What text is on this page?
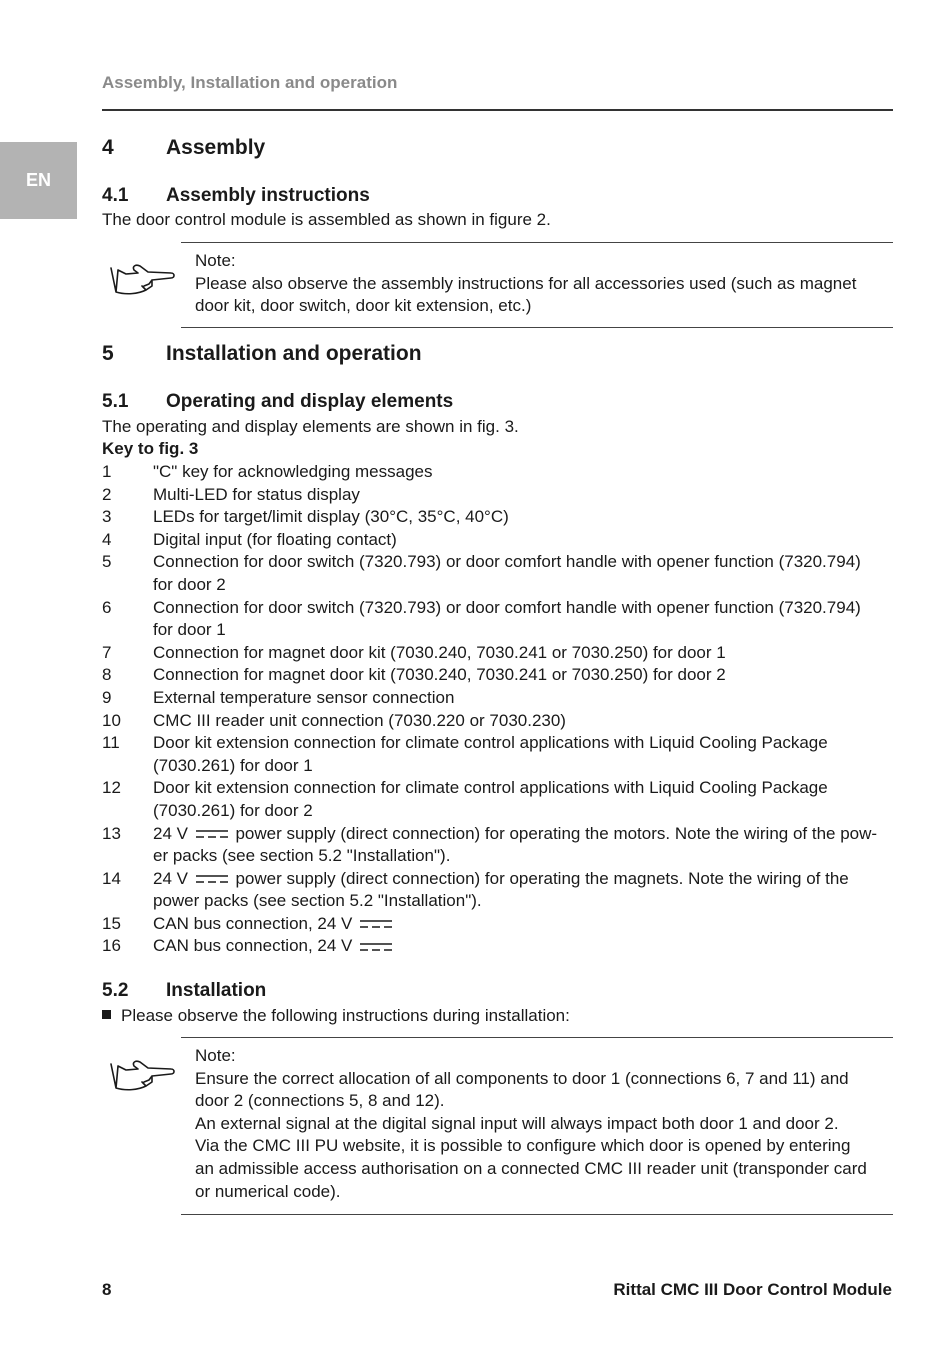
Assembly, Installation and operation
EN
4 Assembly
4.1 Assembly instructions
The door control module is assembled as shown in figure 2.
Note:
Please also observe the assembly instructions for all accessories used (such as magnet
door kit, door switch, door kit extension, etc.)
5 Installation and operation
5.1 Operating and display elements
The operating and display elements are shown in fig. 3.
Key to fig. 3
1	"C" key for acknowledging messages
2	Multi-LED for status display
3	LEDs for target/limit display (30°C, 35°C, 40°C)
4	Digital input (for floating contact)
5	Connection for door switch (7320.793) or door comfort handle with opener function (7320.794)
for door 2
6	Connection for door switch (7320.793) or door comfort handle with opener function (7320.794)
for door 1
7	Connection for magnet door kit (7030.240, 7030.241 or 7030.250) for door 1
8	Connection for magnet door kit (7030.240, 7030.241 or 7030.250) for door 2
9	External temperature sensor connection
10	CMC III reader unit connection (7030.220 or 7030.230)
11	Door kit extension connection for climate control applications with Liquid Cooling Package
(7030.261) for door 1
12	Door kit extension connection for climate control applications with Liquid Cooling Package
(7030.261) for door 2
13	24 V	power supply (direct connection) for operating the motors. Note the wiring of the pow-
er packs (see section 5.2 "Installation").
14	24 V	power supply (direct connection) for operating the magnets. Note the wiring of the
power packs (see section 5.2 "Installation").
15	CAN bus connection, 24 V
16	CAN bus connection, 24 V
5.2 Installation
Please observe the following instructions during installation:
Note:
Ensure the correct allocation of all components to door 1 (connections 6, 7 and 11) and
door 2 (connections 5, 8 and 12).
An external signal at the digital signal input will always impact both door 1 and door 2.
Via the CMC III PU website, it is possible to configure which door is opened by entering
an admissible access authorisation on a connected CMC III reader unit (transponder card
or numerical code).
8	Rittal CMC III Door Control Module
